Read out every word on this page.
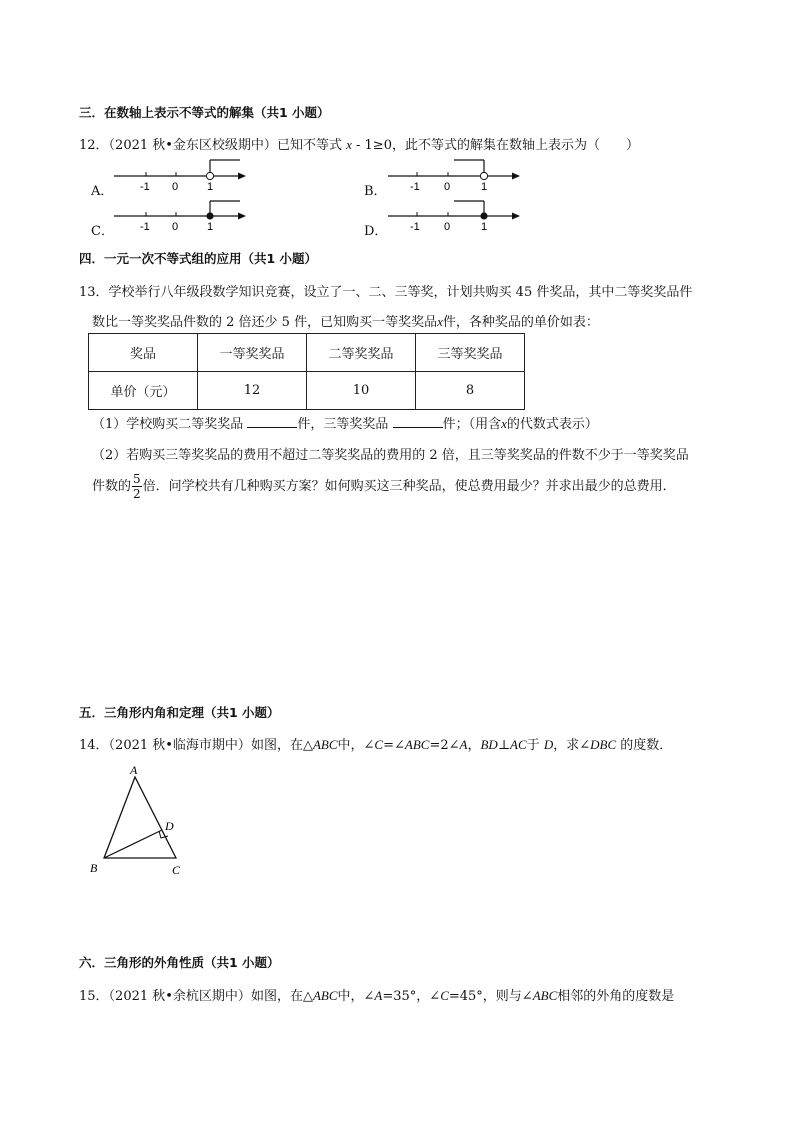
三．在数轴上表示不等式的解集（共1 小题）
12．（2021 秋•金东区校级期中）已知不等式 x - 1≥0，此不等式的解集在数轴上表示为（　　）
A． -1 0	1	B． -1 0	1
C． -1 0	1	D． -1 0	1
四．一元一次不等式组的应用（共1 小题）
13．学校举行八年级段数学知识竞赛，设立了一、二、三等奖，计划共购买 45 件奖品，其中二等奖奖品件
数比一等奖奖品件数的 2 倍还少 5 件，已知购买一等奖奖品x件，各种奖品的单价如表：
奖品	一等奖奖品	二等奖奖品	三等奖奖品
单价（元）	12	10	8
（1）学校购买二等奖奖品	件，三等奖奖品	件；（用含x的代数式表示）
（2）若购买三等奖奖品的费用不超过二等奖奖品的费用的 2 倍，且三等奖奖品的件数不少于一等奖奖品
件数的 $\frac{5}{2}$ 倍．问学校共有几种购买方案？如何购买这三种奖品，使总费用最少？并求出最少的总费用．
五．三角形内角和定理（共1 小题）
14．（2021 秋•临海市期中）如图，在△ABC中，∠C=∠ABC=2∠A，BD⊥AC于 D，求∠DBC 的度数．
A
B	C
D
六．三角形的外角性质（共1 小题）
15．（2021 秋•余杭区期中）如图，在△ABC中，∠A=35°，∠C=45°，则与∠ABC相邻的外角的度数是
